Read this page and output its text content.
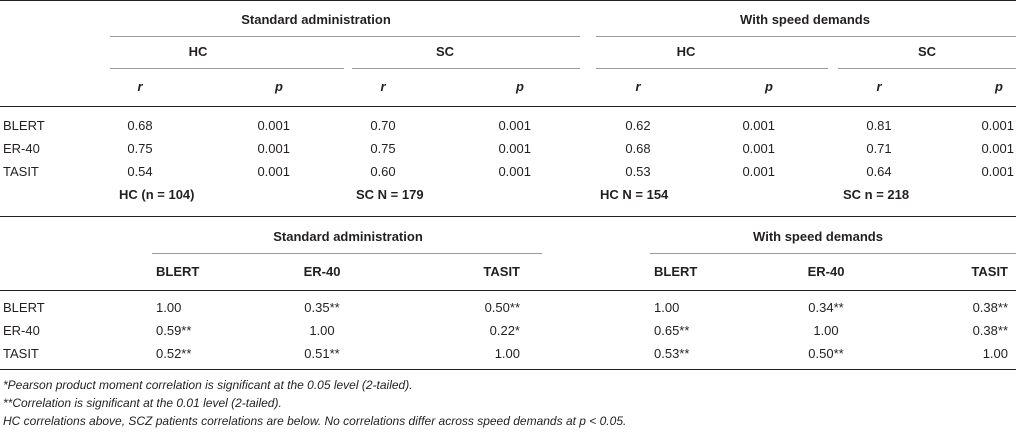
Standard administration	With speed demands
HC	SC	HC	SC
r	p	r	p	r	p	r	p
BLERT	0.68	0.001	0.70	0.001	0.62	0.001	0.81	0.001
ER-40	0.75	0.001	0.75	0.001	0.68	0.001	0.71	0.001
TASIT	0.54	0.001	0.60	0.001	0.53	0.001	0.64	0.001
HC (n = 104)	SC N = 179	HC N = 154	SC n = 218
Standard administration	With speed demands
BLERT	ER-40	TASIT	BLERT	ER-40	TASIT
BLERT	1.00	0.35**	0.50**	1.00	0.34**	0.38**
ER-40	0.59**	1.00	0.22*	0.65**	1.00	0.38**
TASIT	0.52**	0.51**	1.00	0.53**	0.50**	1.00
*Pearson product moment correlation is significant at the 0.05 level (2-tailed).
**Correlation is significant at the 0.01 level (2-tailed).
HC correlations above, SCZ patients correlations are below. No correlations differ across speed demands at p < 0.05.
